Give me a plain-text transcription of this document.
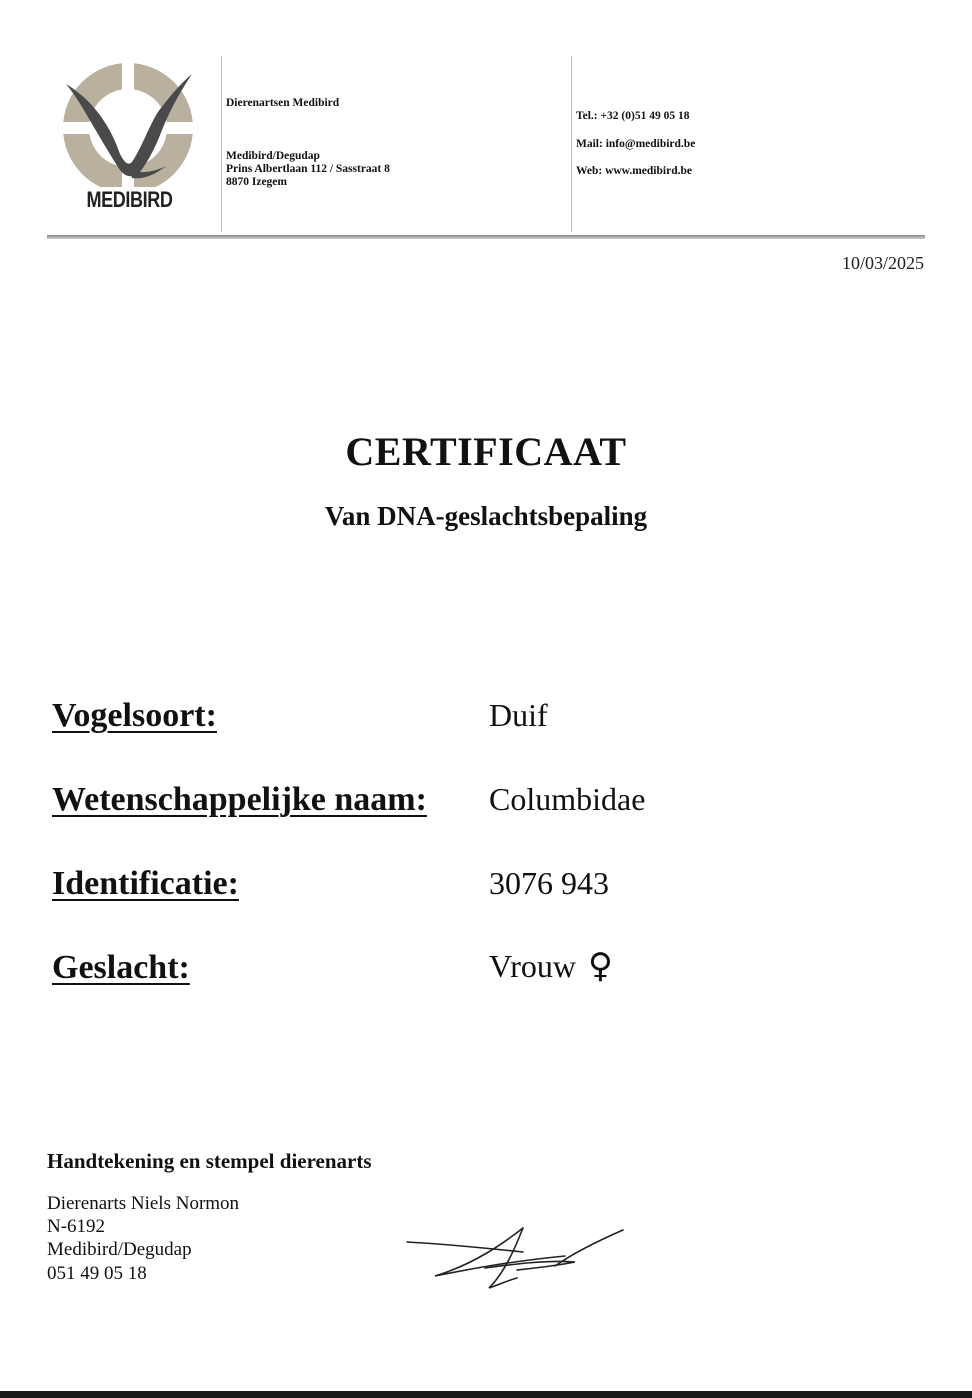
MEDIBIRD
Dierenartsen Medibird
Medibird/Degudap
Prins Albertlaan 112 / Sasstraat 8
8870 Izegem
Tel.: +32 (0)51 49 05 18
Mail: info@medibird.be
Web: www.medibird.be
10/03/2025
CERTIFICAAT
Van DNA-geslachtsbepaling
Vogelsoort:	Duif
Wetenschappelijke naam: Columbidae
Identificatie:	3076 943
Geslacht:	Vrouw ♀
Handtekening en stempel dierenarts
Dierenarts Niels Normon
N-6192
Medibird/Degudap
051 49 05 18
